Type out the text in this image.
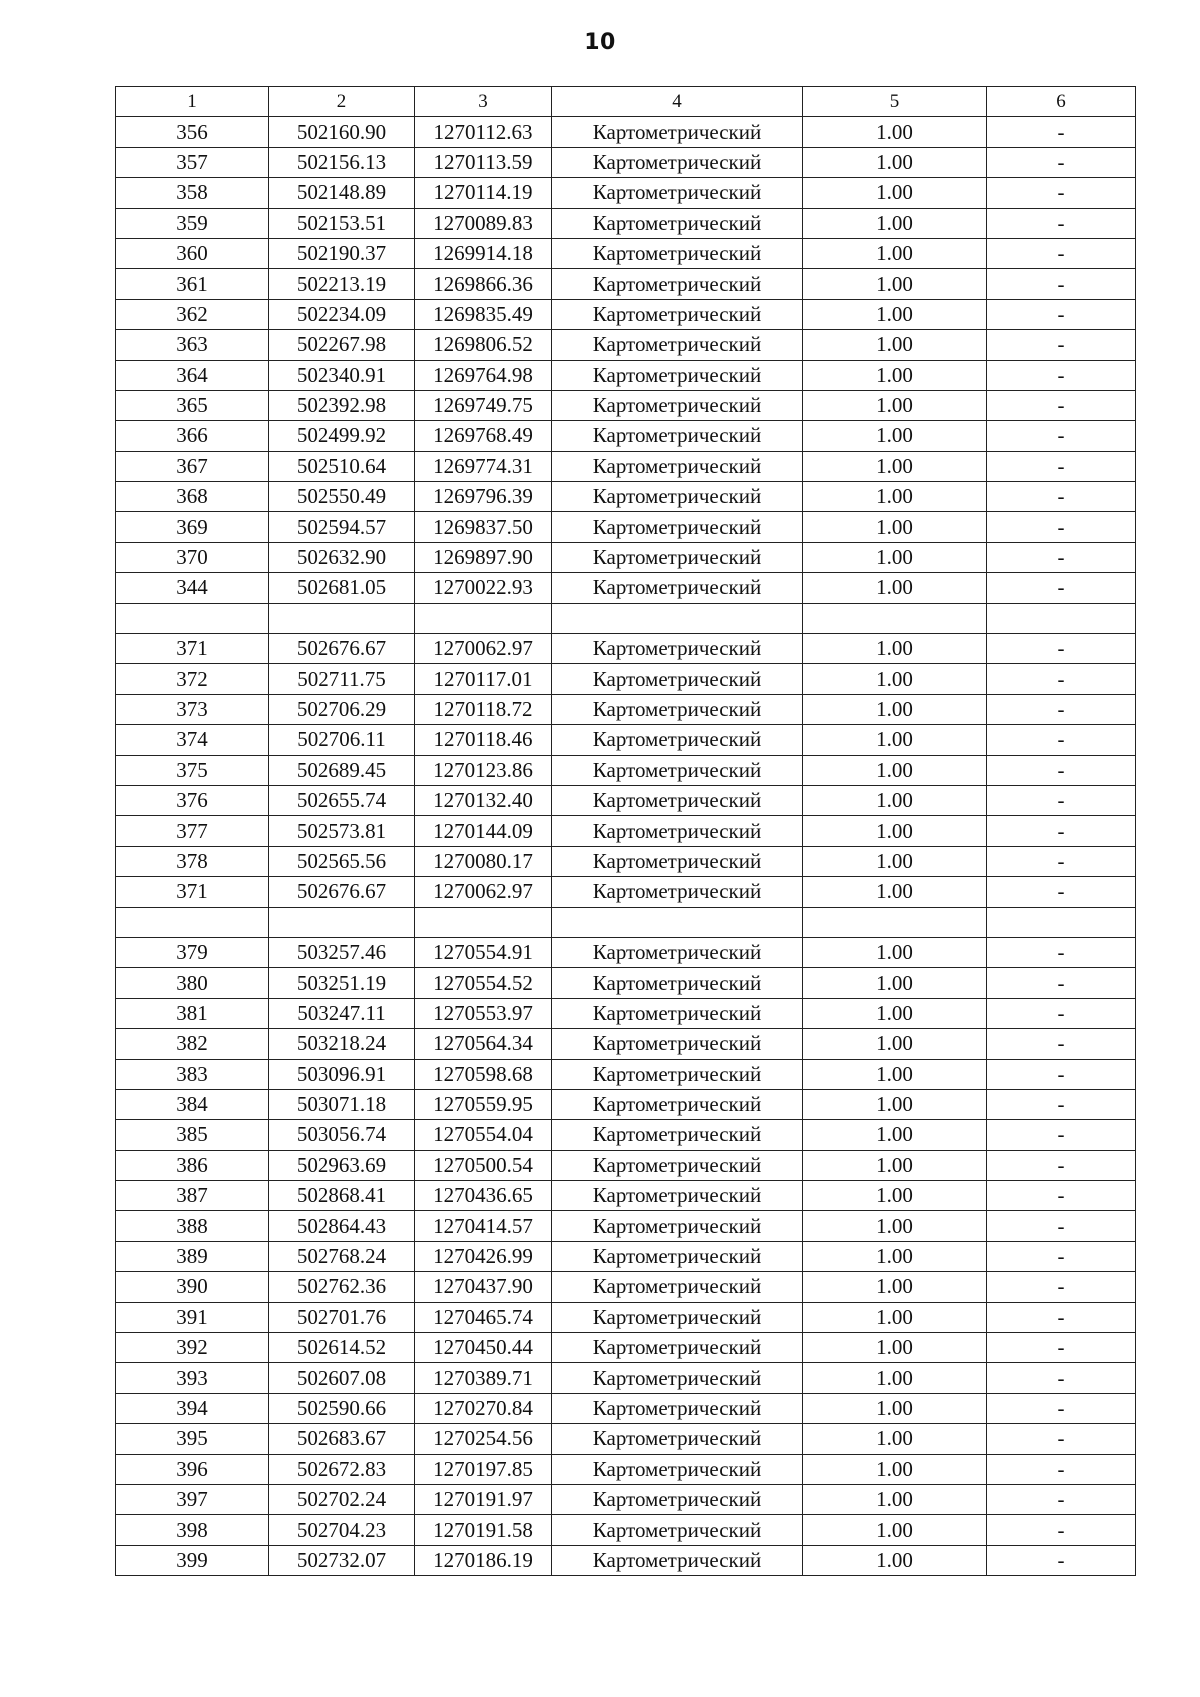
10
1	2	3	4	5	6
356	502160.90	1270112.63	Картометрический	1.00	-
357	502156.13	1270113.59	Картометрический	1.00	-
358	502148.89	1270114.19	Картометрический	1.00	-
359	502153.51	1270089.83	Картометрический	1.00	-
360	502190.37	1269914.18	Картометрический	1.00	-
361	502213.19	1269866.36	Картометрический	1.00	-
362	502234.09	1269835.49	Картометрический	1.00	-
363	502267.98	1269806.52	Картометрический	1.00	-
364	502340.91	1269764.98	Картометрический	1.00	-
365	502392.98	1269749.75	Картометрический	1.00	-
366	502499.92	1269768.49	Картометрический	1.00	-
367	502510.64	1269774.31	Картометрический	1.00	-
368	502550.49	1269796.39	Картометрический	1.00	-
369	502594.57	1269837.50	Картометрический	1.00	-
370	502632.90	1269897.90	Картометрический	1.00	-
344	502681.05	1270022.93	Картометрический	1.00	-

371	502676.67	1270062.97	Картометрический	1.00	-
372	502711.75	1270117.01	Картометрический	1.00	-
373	502706.29	1270118.72	Картометрический	1.00	-
374	502706.11	1270118.46	Картометрический	1.00	-
375	502689.45	1270123.86	Картометрический	1.00	-
376	502655.74	1270132.40	Картометрический	1.00	-
377	502573.81	1270144.09	Картометрический	1.00	-
378	502565.56	1270080.17	Картометрический	1.00	-
371	502676.67	1270062.97	Картометрический	1.00	-

379	503257.46	1270554.91	Картометрический	1.00	-
380	503251.19	1270554.52	Картометрический	1.00	-
381	503247.11	1270553.97	Картометрический	1.00	-
382	503218.24	1270564.34	Картометрический	1.00	-
383	503096.91	1270598.68	Картометрический	1.00	-
384	503071.18	1270559.95	Картометрический	1.00	-
385	503056.74	1270554.04	Картометрический	1.00	-
386	502963.69	1270500.54	Картометрический	1.00	-
387	502868.41	1270436.65	Картометрический	1.00	-
388	502864.43	1270414.57	Картометрический	1.00	-
389	502768.24	1270426.99	Картометрический	1.00	-
390	502762.36	1270437.90	Картометрический	1.00	-
391	502701.76	1270465.74	Картометрический	1.00	-
392	502614.52	1270450.44	Картометрический	1.00	-
393	502607.08	1270389.71	Картометрический	1.00	-
394	502590.66	1270270.84	Картометрический	1.00	-
395	502683.67	1270254.56	Картометрический	1.00	-
396	502672.83	1270197.85	Картометрический	1.00	-
397	502702.24	1270191.97	Картометрический	1.00	-
398	502704.23	1270191.58	Картометрический	1.00	-
399	502732.07	1270186.19	Картометрический	1.00	-
